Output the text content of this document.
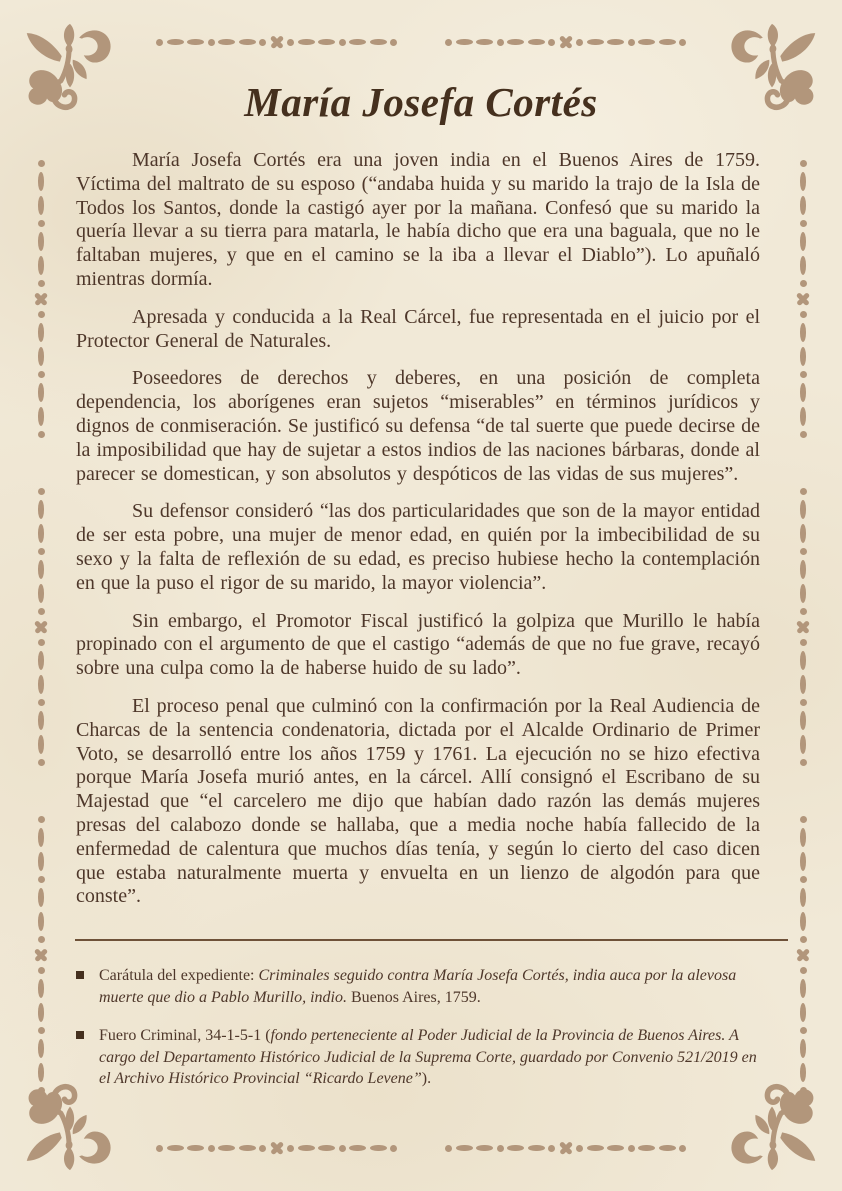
María Josefa Cortés

María Josefa Cortés era una joven india en el Buenos Aires de 1759. Víctima del maltrato de su esposo (“andaba huida y su marido la trajo de la Isla de Todos los Santos, donde la castigó ayer por la mañana. Confesó que su marido la quería llevar a su tierra para matarla, le había dicho que era una baguala, que no le faltaban mujeres, y que en el camino se la iba a llevar el Diablo”). Lo apuñaló mientras dormía.

Apresada y conducida a la Real Cárcel, fue representada en el juicio por el Protector General de Naturales.

Poseedores de derechos y deberes, en una posición de completa dependencia, los aborígenes eran sujetos “miserables” en términos jurídicos y dignos de conmiseración. Se justificó su defensa “de tal suerte que puede decirse de la imposibilidad que hay de sujetar a estos indios de las naciones bárbaras, donde al parecer se domestican, y son absolutos y despóticos de las vidas de sus mujeres”.

Su defensor consideró “las dos particularidades que son de la mayor entidad de ser esta pobre, una mujer de menor edad, en quién por la imbecibilidad de su sexo y la falta de reflexión de su edad, es preciso hubiese hecho la contemplación en que la puso el rigor de su marido, la mayor violencia”.

Sin embargo, el Promotor Fiscal justificó la golpiza que Murillo le había propinado con el argumento de que el castigo “además de que no fue grave, recayó sobre una culpa como la de haberse huido de su lado”.

El proceso penal que culminó con la confirmación por la Real Audiencia de Charcas de la sentencia condenatoria, dictada por el Alcalde Ordinario de Primer Voto, se desarrolló entre los años 1759 y 1761. La ejecución no se hizo efectiva porque María Josefa murió antes, en la cárcel. Allí consignó el Escribano de su Majestad que “el carcelero me dijo que habían dado razón las demás mujeres presas del calabozo donde se hallaba, que a media noche había fallecido de la enfermedad de calentura que muchos días tenía, y según lo cierto del caso dicen que estaba naturalmente muerta y envuelta en un lienzo de algodón para que conste”.

Carátula del expediente: Criminales seguido contra María Josefa Cortés, india auca por la alevosa muerte que dio a Pablo Murillo, indio. Buenos Aires, 1759.
Fuero Criminal, 34-1-5-1 (fondo perteneciente al Poder Judicial de la Provincia de Buenos Aires. A cargo del Departamento Histórico Judicial de la Suprema Corte, guardado por Convenio 521/2019 en el Archivo Histórico Provincial “Ricardo Levene”).
